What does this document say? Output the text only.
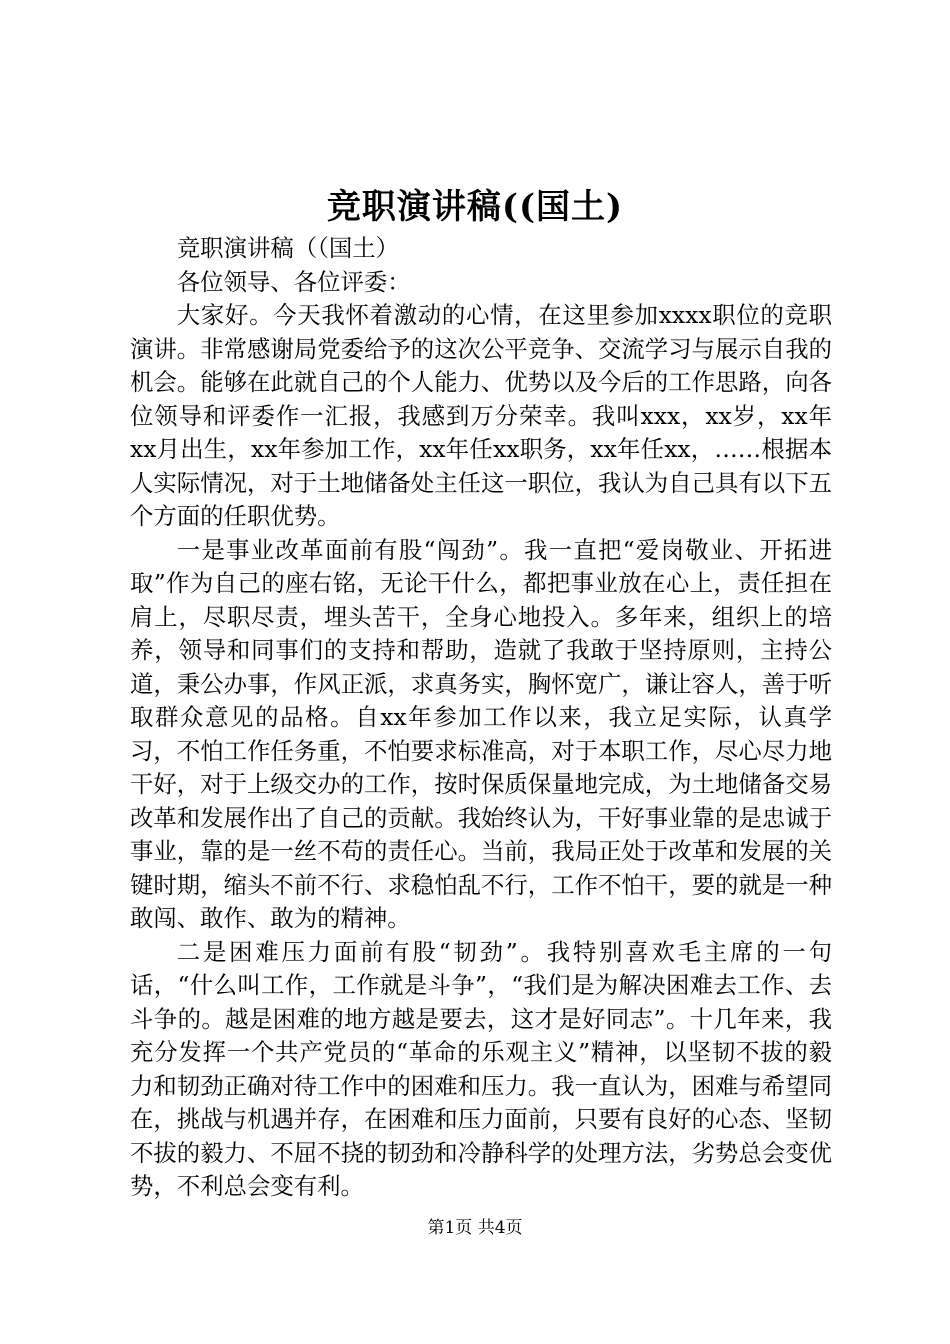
竞职演讲稿((国土)

竞职演讲稿（（国土）

各位领导、各位评委：

大家好。今天我怀着激动的心情，在这里参加xxxx职位的竞职演讲。非常感谢局党委给予的这次公平竞争、交流学习与展示自我的机会。能够在此就自己的个人能力、优势以及今后的工作思路，向各位领导和评委作一汇报，我感到万分荣幸。我叫xxx，xx岁，xx年xx月出生，xx年参加工作，xx年任xx职务，xx年任xx，……根据本人实际情况，对于土地储备处主任这一职位，我认为自己具有以下五个方面的任职优势。

一是事业改革面前有股“闯劲”。我一直把“爱岗敬业、开拓进取”作为自己的座右铭，无论干什么，都把事业放在心上，责任担在肩上，尽职尽责，埋头苦干，全身心地投入。多年来，组织上的培养，领导和同事们的支持和帮助，造就了我敢于坚持原则，主持公道，秉公办事，作风正派，求真务实，胸怀宽广，谦让容人，善于听取群众意见的品格。自xx年参加工作以来，我立足实际，认真学习，不怕工作任务重，不怕要求标准高，对于本职工作，尽心尽力地干好，对于上级交办的工作，按时保质保量地完成，为土地储备交易改革和发展作出了自己的贡献。我始终认为，干好事业靠的是忠诚于事业，靠的是一丝不苟的责任心。当前，我局正处于改革和发展的关键时期，缩头不前不行、求稳怕乱不行，工作不怕干，要的就是一种敢闯、敢作、敢为的精神。

二是困难压力面前有股“韧劲”。我特别喜欢毛主席的一句话，“什么叫工作，工作就是斗争”，“我们是为解决困难去工作、去斗争的。越是困难的地方越是要去，这才是好同志”。十几年来，我充分发挥一个共产党员的“革命的乐观主义”精神，以坚韧不拔的毅力和韧劲正确对待工作中的困难和压力。我一直认为，困难与希望同在，挑战与机遇并存，在困难和压力面前，只要有良好的心态、坚韧不拔的毅力、不屈不挠的韧劲和冷静科学的处理方法，劣势总会变优势，不利总会变有利。

第1页 共4页
